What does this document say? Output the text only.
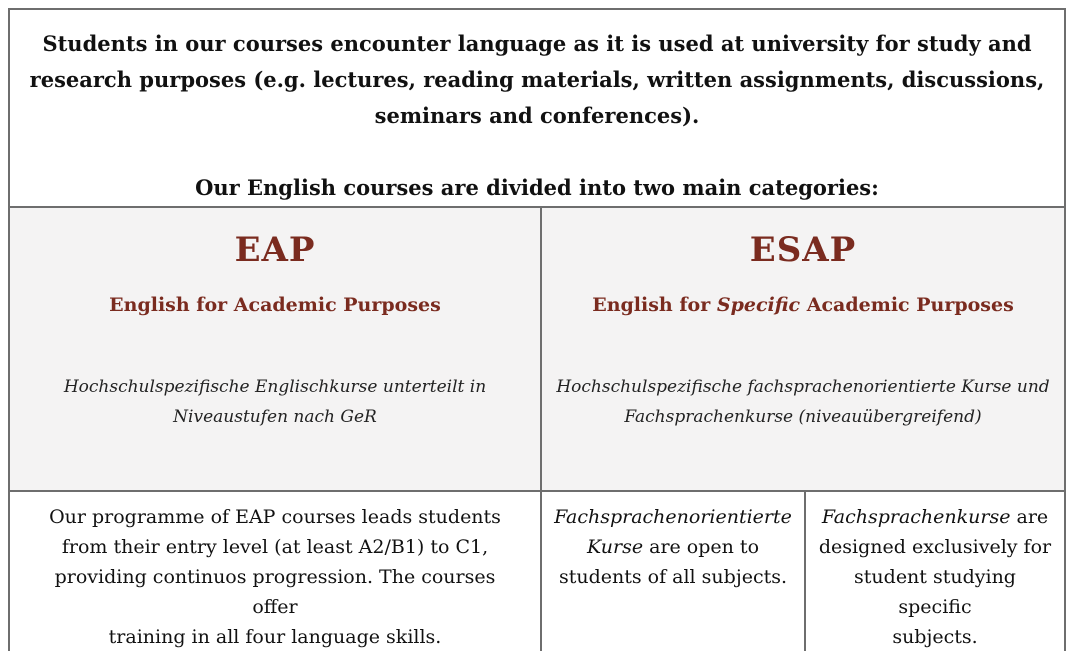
Students in our courses encounter language as it is used at university for study and

research purposes (e.g. lectures, reading materials, written assignments, discussions,

seminars and conferences).

Our English courses are divided into two main categories:

EAP
English for Academic Purposes
Hochschulspezifische Englischkurse unterteilt in
Niveaustufen nach GeR
ESAP
English for Specific Academic Purposes
Hochschulspezifische fachsprachenorientierte Kurse und
Fachsprachenkurse (niveauübergreifend)
Our programme of EAP courses leads students
from their entry level (at least A2/B1) to C1,
providing continuos progression. The courses offer
training in all four language skills.
Fachsprachenorientierte
Kurse are open to
students of all subjects.
Fachsprachenkurse are
designed exclusively for
student studying specific
subjects.
